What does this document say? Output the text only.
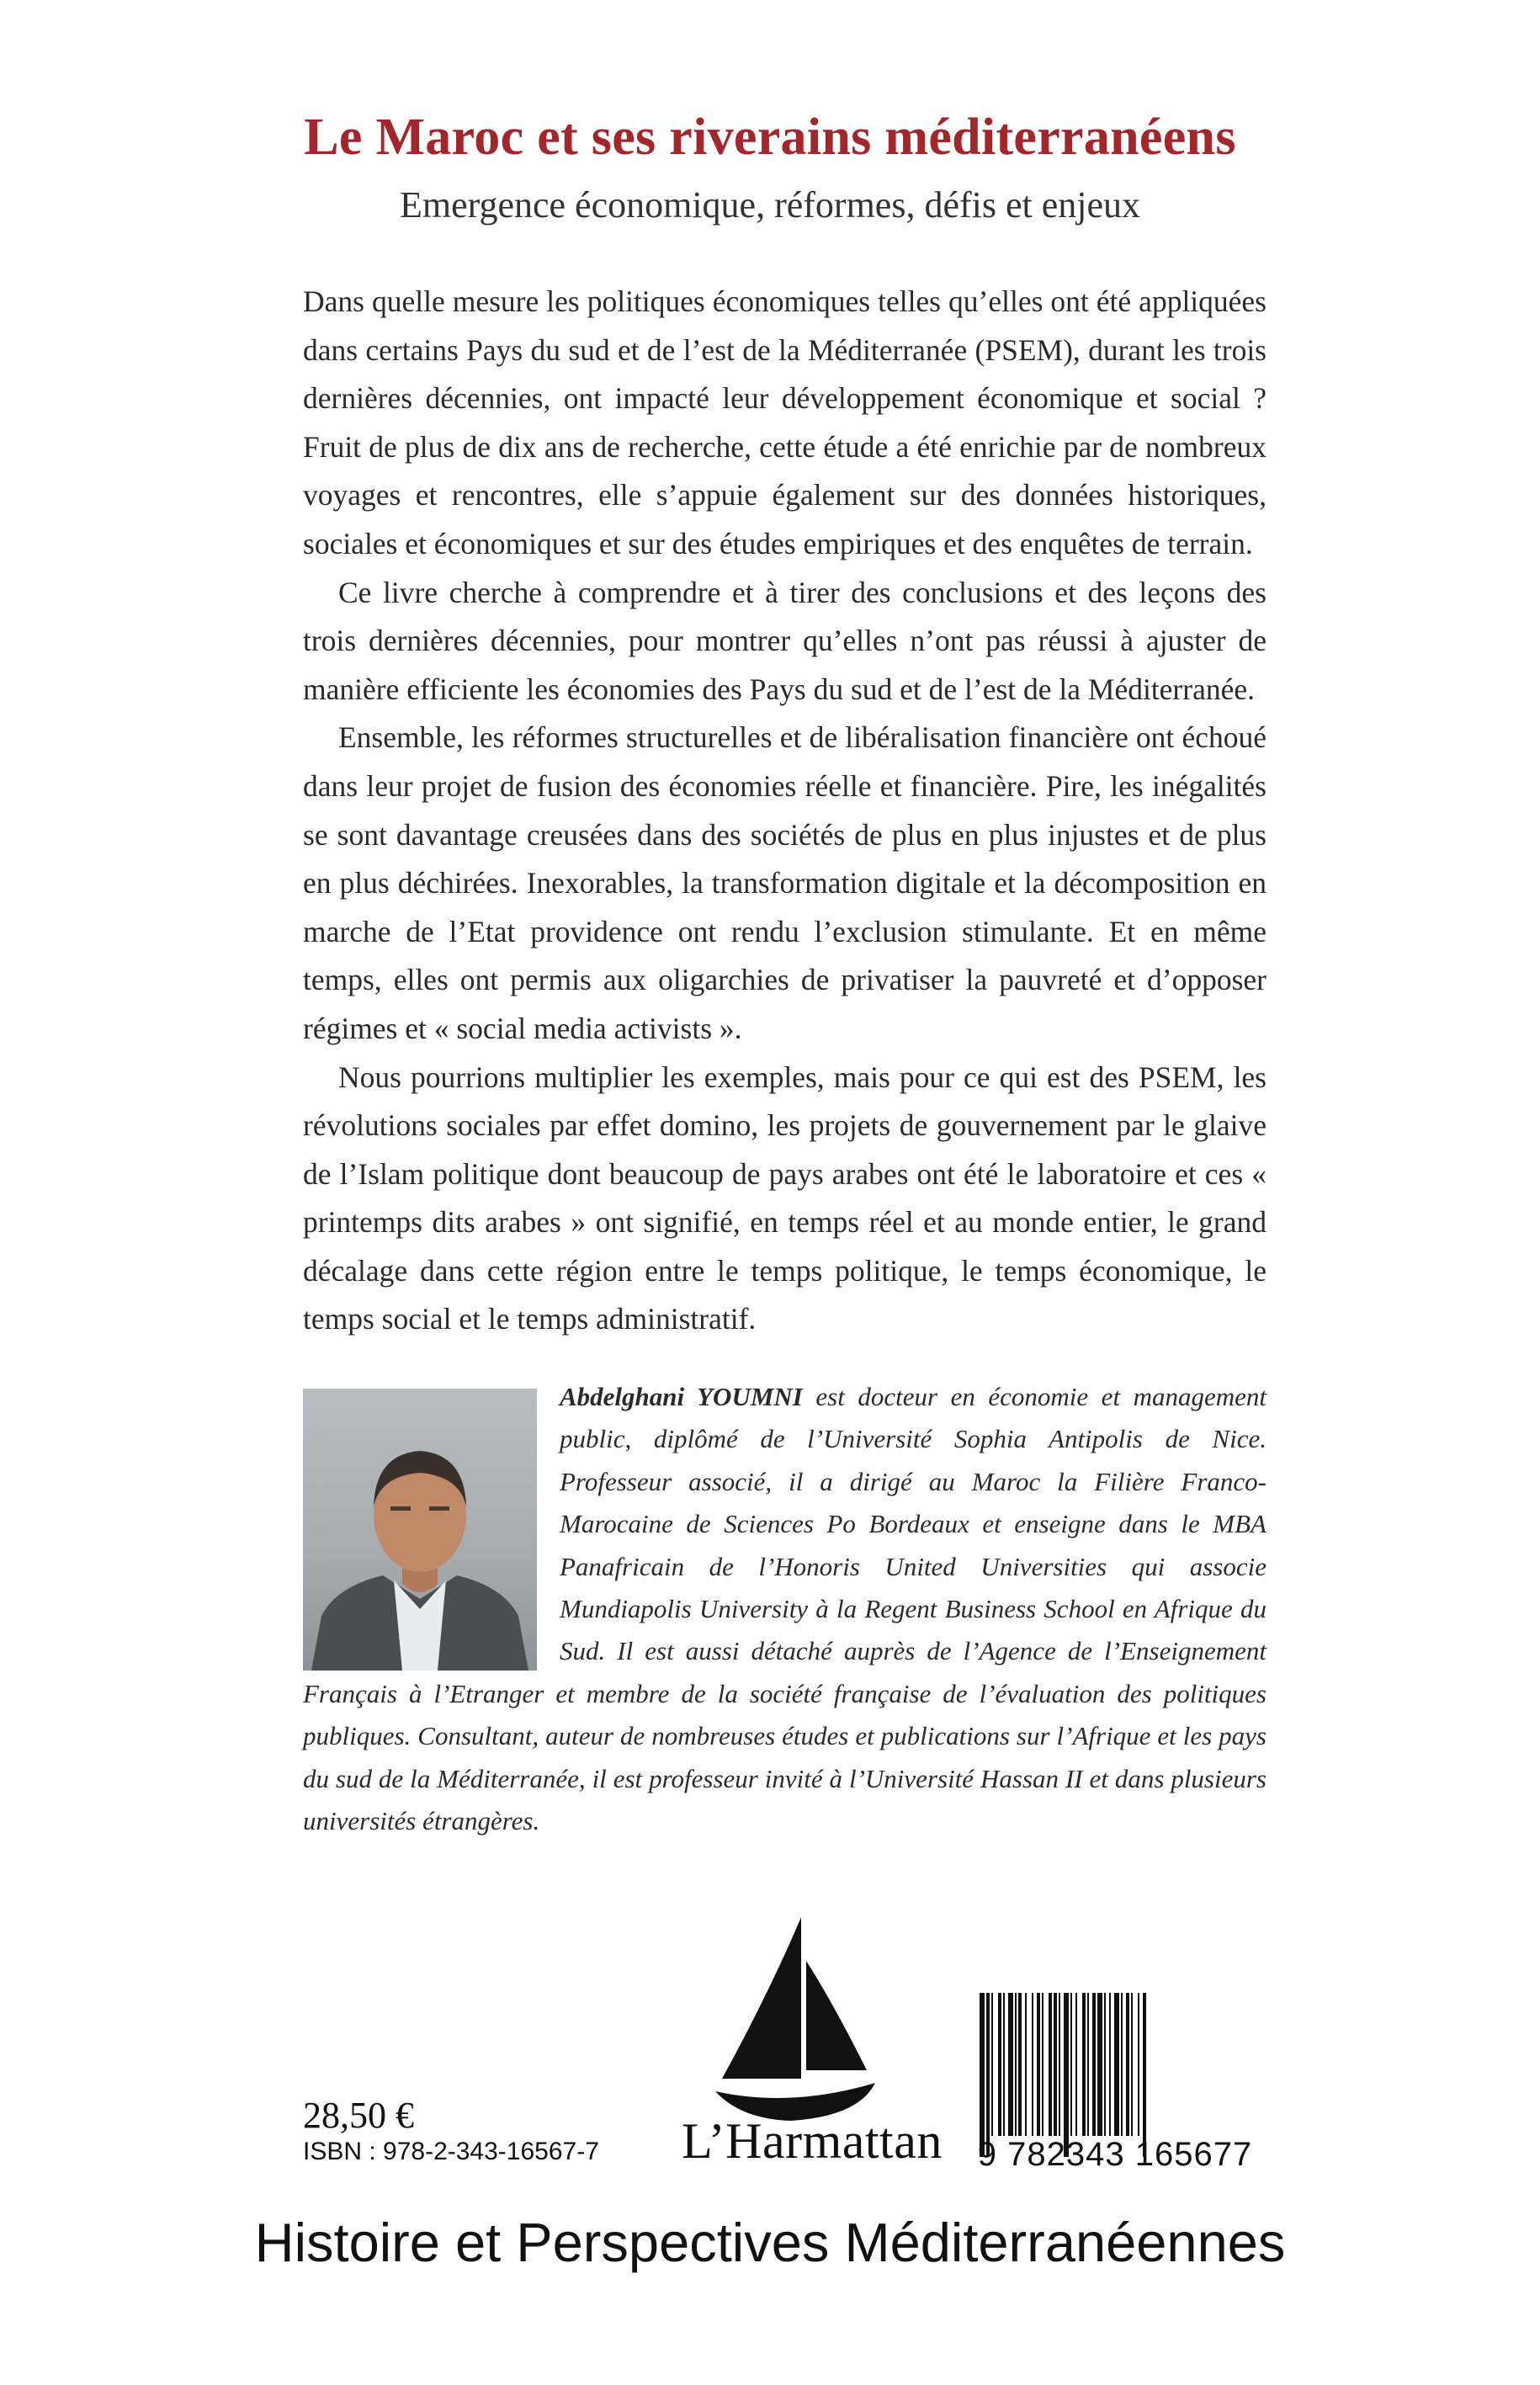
Le Maroc et ses riverains méditerranéens
Emergence économique, réformes, défis et enjeux

Dans quelle mesure les politiques économiques telles qu’elles ont été appliquées dans certains Pays du sud et de l’est de la Méditerranée (PSEM), durant les trois dernières décennies, ont impacté leur développement économique et social ? Fruit de plus de dix ans de recherche, cette étude a été enrichie par de nombreux voyages et rencontres, elle s’appuie également sur des données historiques, sociales et économiques et sur des études empiriques et des enquêtes de terrain.

Ce livre cherche à comprendre et à tirer des conclusions et des leçons des trois dernières décennies, pour montrer qu’elles n’ont pas réussi à ajuster de manière efficiente les économies des Pays du sud et de l’est de la Méditerranée.

Ensemble, les réformes structurelles et de libéralisation financière ont échoué dans leur projet de fusion des économies réelle et financière. Pire, les inégalités se sont davantage creusées dans des sociétés de plus en plus injustes et de plus en plus déchirées. Inexorables, la transformation digitale et la décomposition en marche de l’Etat providence ont rendu l’exclusion stimulante. Et en même temps, elles ont permis aux oligarchies de privatiser la pauvreté et d’opposer régimes et « social media activists ».

Nous pourrions multiplier les exemples, mais pour ce qui est des PSEM, les révolutions sociales par effet domino, les projets de gouvernement par le glaive de l’Islam politique dont beaucoup de pays arabes ont été le laboratoire et ces « printemps dits arabes » ont signifié, en temps réel et au monde entier, le grand décalage dans cette région entre le temps politique, le temps économique, le temps social et le temps administratif.

Abdelghani YOUMNI est docteur en économie et management public, diplômé de l’Université Sophia Antipolis de Nice. Professeur associé, il a dirigé au Maroc la Filière Franco-Marocaine de Sciences Po Bordeaux et enseigne dans le MBA Panafricain de l’Honoris United Universities qui associe Mundiapolis University à la Regent Business School en Afrique du Sud. Il est aussi détaché auprès de l’Agence de l’Enseignement Français à l’Etranger et membre de la société française de l’évaluation des politiques publiques. Consultant, auteur de nombreuses études et publications sur l’Afrique et les pays du sud de la Méditerranée, il est professeur invité à l’Université Hassan II et dans plusieurs universités étrangères.
L’Harmattan
28,50 €
ISBN : 978-2-343-16567-7	9 782343 165677
Histoire et Perspectives Méditerranéennes
